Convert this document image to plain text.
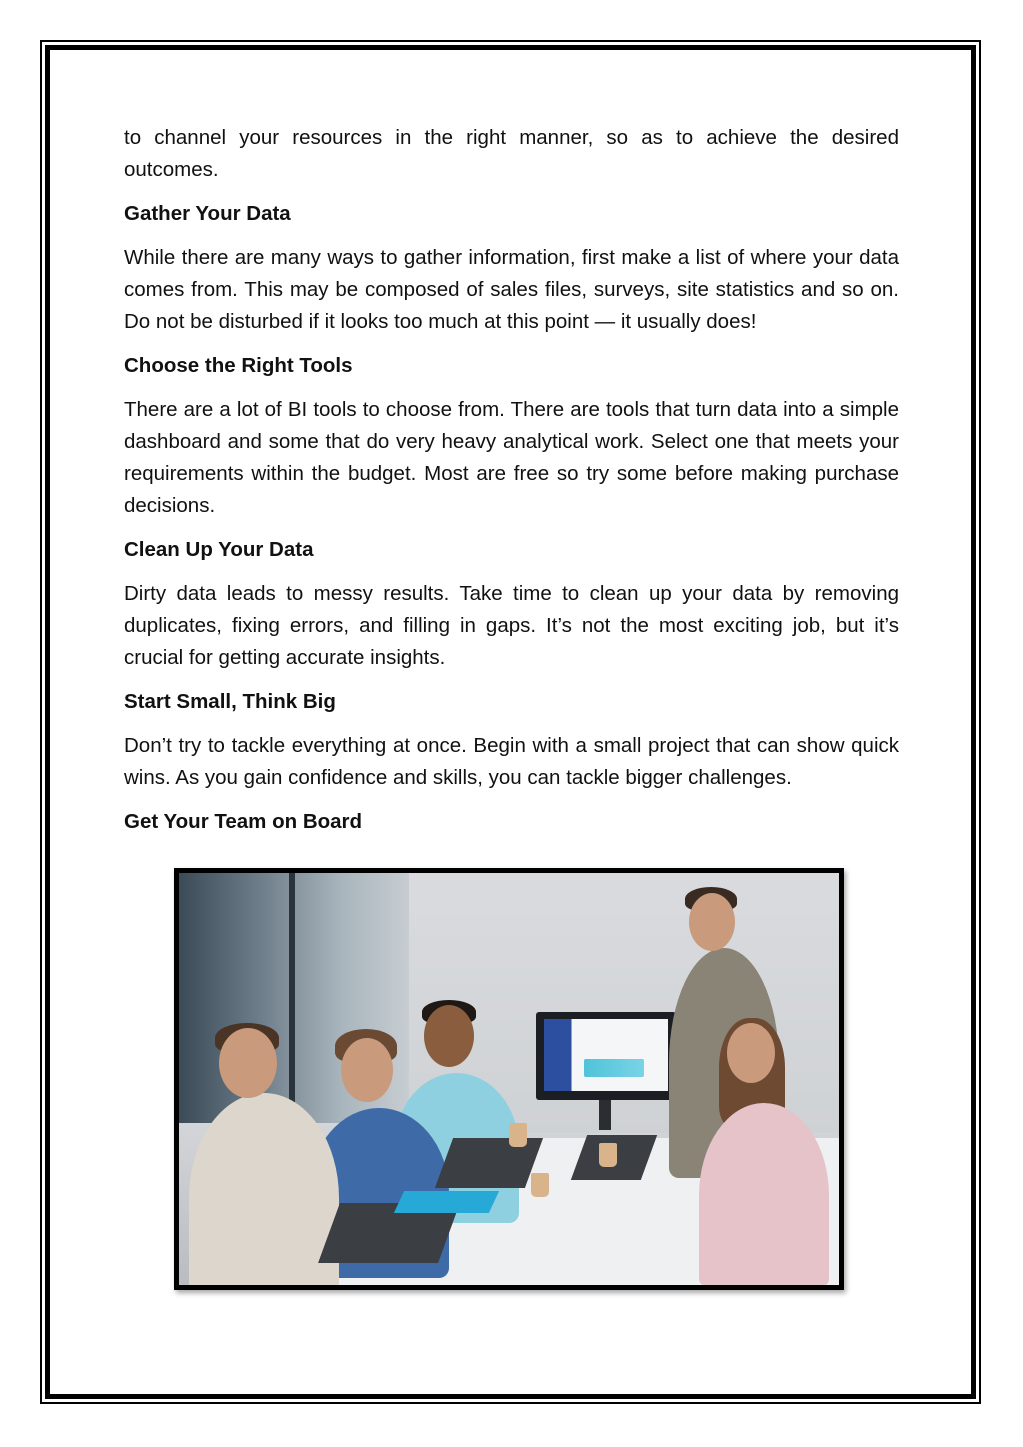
to channel your resources in the right manner, so as to achieve the desired outcomes.

Gather Your Data

While there are many ways to gather information, first make a list of where your data comes from. This may be composed of sales files, surveys, site statistics and so on. Do not be disturbed if it looks too much at this point — it usually does!

Choose the Right Tools

There are a lot of BI tools to choose from. There are tools that turn data into a simple dashboard and some that do very heavy analytical work. Select one that meets your requirements within the budget. Most are free so try some before making purchase decisions.

Clean Up Your Data

Dirty data leads to messy results. Take time to clean up your data by removing duplicates, fixing errors, and filling in gaps. It’s not the most exciting job, but it’s crucial for getting accurate insights.

Start Small, Think Big

Don’t try to tackle everything at once. Begin with a small project that can show quick wins. As you gain confidence and skills, you can tackle bigger challenges.

Get Your Team on Board
